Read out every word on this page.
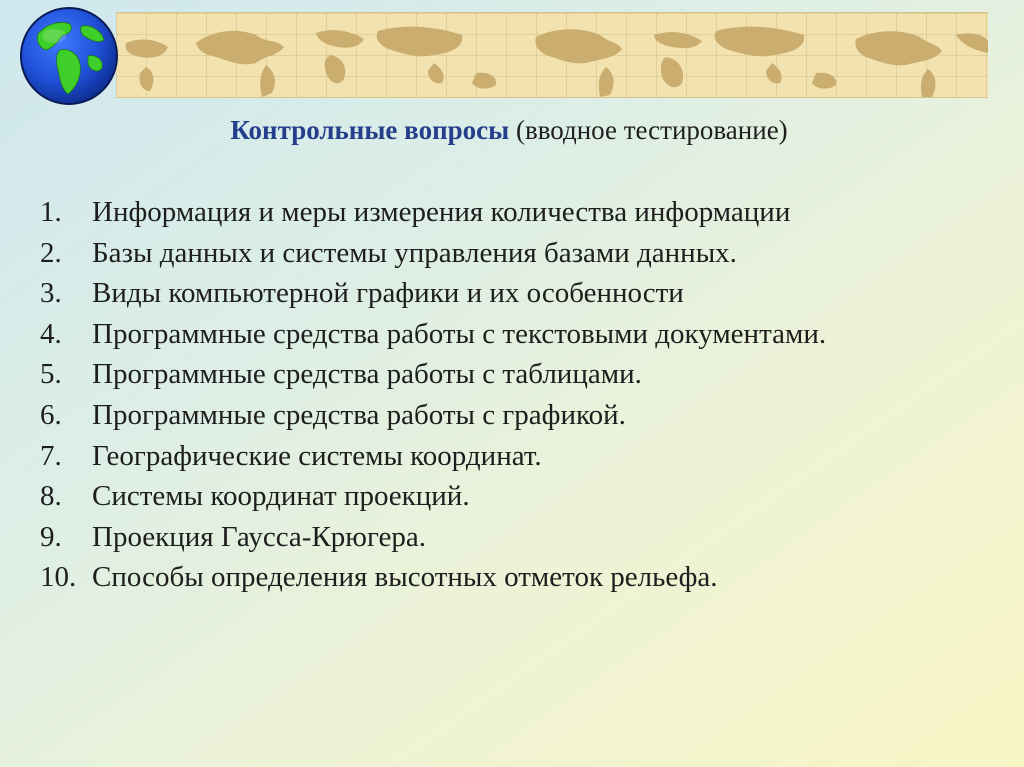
Контрольные вопросы (вводное тестирование)
1. Информация и меры измерения количества информации
2. Базы данных и системы управления базами данных.
3. Виды компьютерной графики и их особенности
4. Программные средства работы с текстовыми документами.
5. Программные средства работы с таблицами.
6. Программные средства работы с графикой.
7. Географические системы координат.
8. Системы координат проекций.
9. Проекция Гаусса-Крюгера.
10. Способы определения высотных отметок рельефа.
